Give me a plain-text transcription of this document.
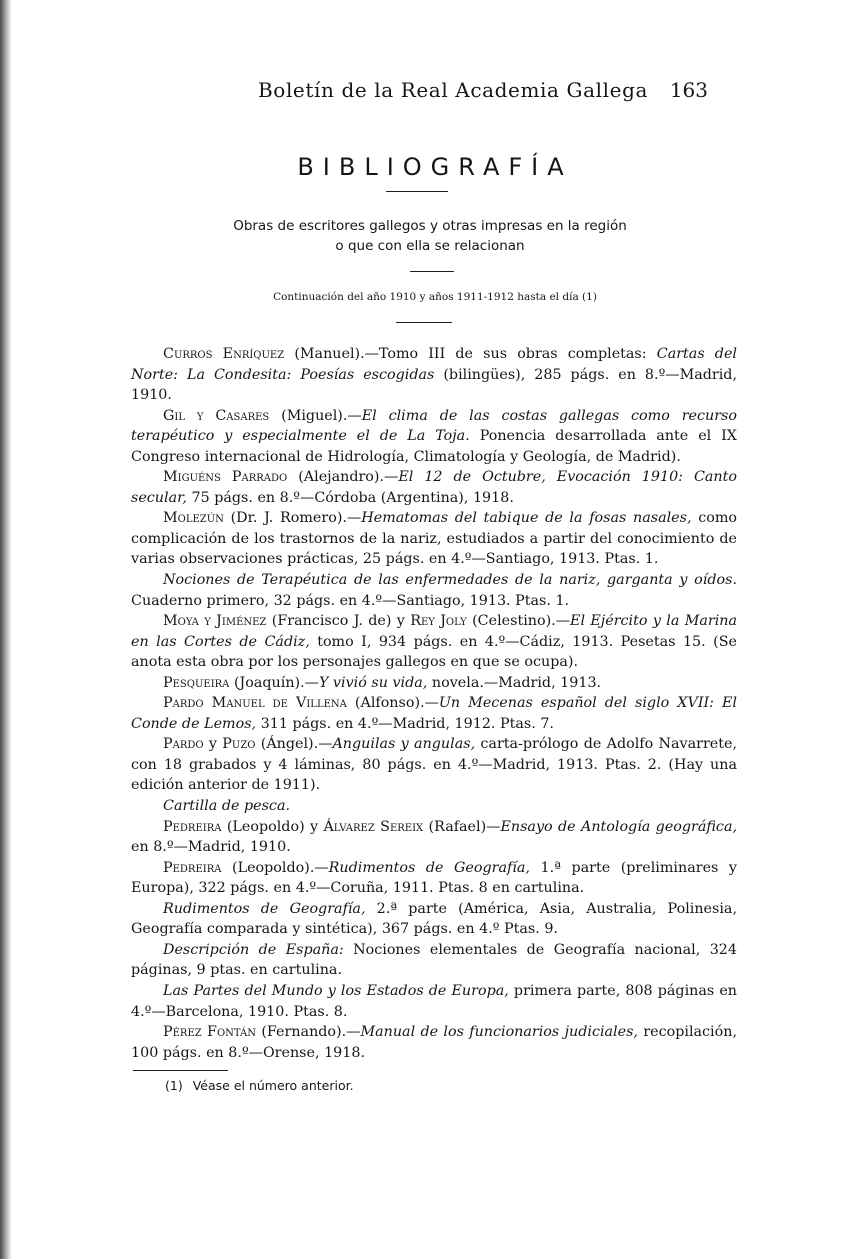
Boletín de la Real Academia Gallega 163
BIBLIOGRAFÍA
Obras de escritores gallegos y otras impresas en la región
o que con ella se relacionan
Continuación del año 1910 y años 1911-1912 hasta el día (1)

Curros Enríquez (Manuel).—Tomo III de sus obras completas: Cartas del Norte: La Condesita: Poesías escogidas (bilingües), 285 págs. en 8.º—Madrid, 1910.

Gil y Casares (Miguel).—El clima de las costas gallegas como recurso terapéutico y especialmente el de La Toja. Ponencia desarrollada ante el IX Congreso internacional de Hidrología, Climatología y Geología, de Madrid).

Miguéns Parrado (Alejandro).—El 12 de Octubre, Evocación 1910: Canto secular, 75 págs. en 8.º—Córdoba (Argentina), 1918.

Molezún (Dr. J. Romero).—Hematomas del tabique de la fosas nasales, como complicación de los trastornos de la nariz, estudiados a partir del conocimiento de varias observaciones prácticas, 25 págs. en 4.º—Santiago, 1913. Ptas. 1.

Nociones de Terapéutica de las enfermedades de la nariz, garganta y oídos. Cuaderno primero, 32 págs. en 4.º—Santiago, 1913. Ptas. 1.

Moya y Jiménez (Francisco J. de) y Rey Joly (Celestino).—El Ejército y la Marina en las Cortes de Cádiz, tomo I, 934 págs. en 4.º—Cádiz, 1913. Pesetas 15. (Se anota esta obra por los personajes gallegos en que se ocupa).

Pesqueira (Joaquín).—Y vivió su vida, novela.—Madrid, 1913.

Pardo Manuel de Villena (Alfonso).—Un Mecenas español del siglo XVII: El Conde de Lemos, 311 págs. en 4.º—Madrid, 1912. Ptas. 7.

Pardo y Puzo (Ángel).—Anguilas y angulas, carta-prólogo de Adolfo Navarrete, con 18 grabados y 4 láminas, 80 págs. en 4.º—Madrid, 1913. Ptas. 2. (Hay una edición anterior de 1911).

Cartilla de pesca.

Pedreira (Leopoldo) y Álvarez Sereix (Rafael)—Ensayo de Antología geográfica, en 8.º—Madrid, 1910.

Pedreira (Leopoldo).—Rudimentos de Geografía, 1.ª parte (preliminares y Europa), 322 págs. en 4.º—Coruña, 1911. Ptas. 8 en cartulina.

Rudimentos de Geografía, 2.ª parte (América, Asia, Australia, Polinesia, Geografía comparada y sintética), 367 págs. en 4.º Ptas. 9.

Descripción de España: Nociones elementales de Geografía nacional, 324 páginas, 9 ptas. en cartulina.

Las Partes del Mundo y los Estados de Europa, primera parte, 808 páginas en 4.º—Barcelona, 1910. Ptas. 8.

Pérez Fontán (Fernando).—Manual de los funcionarios judiciales, recopilación, 100 págs. en 8.º—Orense, 1918.

(1) Véase el número anterior.
